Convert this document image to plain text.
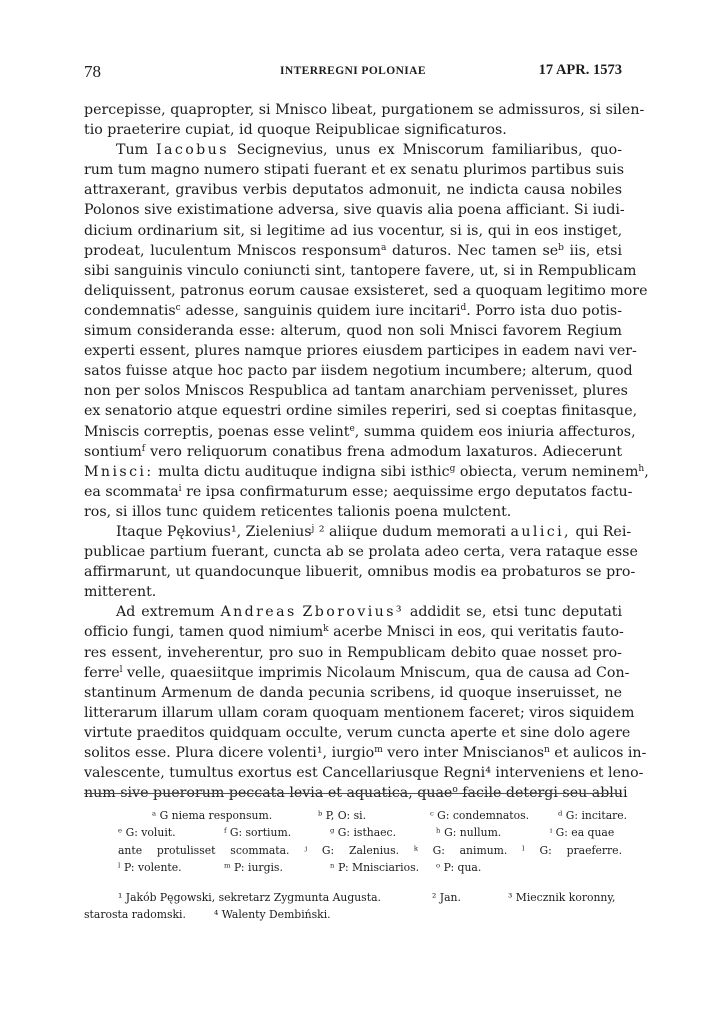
78	INTERREGNI POLONIAE	17 APR. 1573
percepisse, quapropter, si Mnisco libeat, purgationem se admissuros, si silen-
tio praeterire cupiat, id quoque Reipublicae significaturos.
Tum Iacobus Secignevius, unus ex Mniscorum familiaribus, quo-
rum tum magno numero stipati fuerant et ex senatu plurimos partibus suis
attraxerant, gravibus verbis deputatos admonuit, ne indicta causa nobiles
Polonos sive existimatione adversa, sive quavis alia poena afficiant. Si iudi-
dicium ordinarium sit, si legitime ad ius vocentur, si is, qui in eos instiget,
prodeat, luculentum Mniscos responsum$^a$ daturos. Nec tamen $se^b$ iis, etsi
sibi sanguinis vinculo coniuncti sint, tantopere favere, ut, si in Rempublicam
deliquissent, patronus eorum causae exsisteret, sed a quoquam legitimo more
condemnatis$^c$ adesse, sanguinis quidem iure incitari$^d$. Porro ista duo potis-
simum consideranda esse: alterum, quod non soli Mnisci favorem Regium
experti essent, plures namque priores eiusdem participes in eadem navi ver-
satos fuisse atque hoc pacto par iisdem negotium incumbere; alterum, quod
non per solos Mniscos Respublica ad tantam anarchiam pervenisset, plures
ex senatorio atque equestri ordine similes reperiri, sed si coeptas finitasque,
Mniscis correptis, poenas esse velint$^e$, summa quidem eos iniuria affecturos,
sontium$^f$ vero reliquorum conatibus frena admodum laxaturos. Adiecerunt
Mnisci: multa dictu audituque indigna sibi isthic$^g$ obiecta, verum neminem$^h$,
ea scommata$^i$ re ipsa confirmaturum esse; aequissime ergo deputatos factu-
ros, si illos tunc quidem reticentes talionis poena mulctent.
Itaque Pękovius¹, Zielenius$^j$ ² aliique dudum memorati aulici, qui Rei-
publicae partium fuerant, cuncta ab se prolata adeo certa, vera rataque esse
affirmarunt, ut quandocunque libuerit, omnibus modis ea probaturos se pro-
mitterent.
Ad extremum Andreas Zborovius³ addidit se, etsi tunc deputati
officio fungi, tamen quod nimium$^k$ acerbe Mnisci in eos, qui veritatis fauto-
res essent, inveherentur, pro suo in Rempublicam debito quae nosset pro-
ferre$^l$ velle, quaesiitque imprimis Nicolaum Mniscum, qua de causa ad Con-
stantinum Armenum de danda pecunia scribens, id quoque inseruisset, ne
litterarum illarum ullam coram quoquam mentionem faceret; viros siquidem
virtute praeditos quidquam occulte, verum cuncta aperte et sine dolo agere
solitos esse. Plura dicere volenti¹, iurgio$^m$ vero inter Mniscianos$^n$ et aulicos in-
valescente, tumultus exortus est Cancellariusque Regni⁴ interveniens et leno-
num sive puerorum peccata levia et aquatica, quae$^o$ facile detergi seu ablui
ᵃ G niema responsum.	ᵇ P, O: si.	ᶜ G: condemnatos.	ᵈ G: incitare.
ᵉ G: voluit.	ᶠ G: sortium.	ᵍ G: isthaec.	ʰ G: nullum.	ⁱ G: ea quae
ante protulisset scommata. ʲ G: Zalenius. ᵏ G: animum. ˡ G: praeferre.
ˡ P: volente.	ᵐ P: iurgis.	ⁿ P: Mnisciarios. ᵒ P: qua.
¹ Jakób Pęgowski, sekretarz Zygmunta Augusta.	² Jan.	³ Miecznik koronny,
starosta radomski.	⁴ Walenty Dembiński.
